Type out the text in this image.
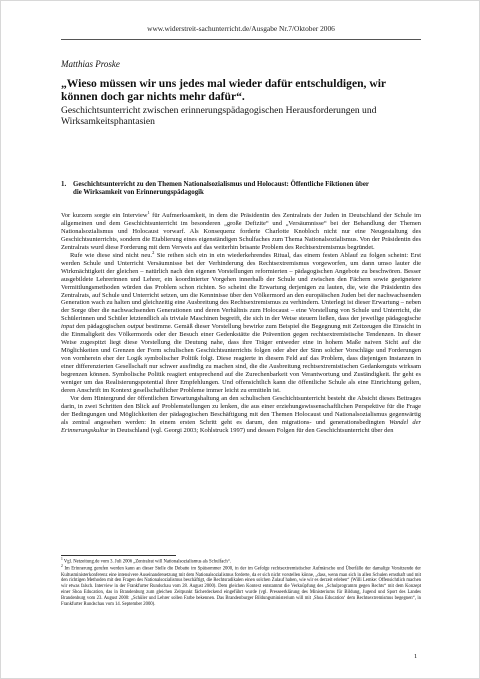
www.widerstreit-sachunterricht.de/Ausgabe Nr.7/Oktober 2006
Matthias Proske
„Wieso müssen wir uns jedes mal wieder dafür entschuldigen, wir können doch gar nichts mehr dafür“.
Geschichtsunterricht zwischen erinnerungspädagogischen Herausforderungen und Wirksamkeitsphantasien
1. Geschichtsunterricht zu den Themen Nationalsozialismus und Holocaust: Öffentliche Fiktionen über
die Wirksamkeit von Erinnerungspädagogik

Vor kurzem sorgte ein Interview$^1$ für Aufmerksamkeit, in dem die Präsidentin des Zentralrats der Juden in Deutschland der Schule im allgemeinen und dem Geschichtsunterricht im besonderen „große Defizite“ und „Versäumnisse“ bei der Behandlung der Themen Nationalsozialismus und Holocaust vorwarf. Als Konsequenz forderte Charlotte Knobloch nicht nur eine Neugestaltung des Geschichtsunterrichts, sondern die Etablierung eines eigenständigen Schulfaches zum Thema Nationalsozialismus. Von der Präsidentin des Zentralrats wurd diese Forderung mit dem Verweis auf das weiterhin brisante Problem des Rechtsextremismus begründet.

Rufe wie diese sind nicht neu.$^2$ Sie reihen sich ein in ein wiederkehrendes Ritual, das einem festen Ablauf zu folgen scheint: Erst werden Schule und Unterricht Versäumnisse bei der Verhinderung des Rechtsextremismus vorgeworfen, um dann umso lauter die Wirkmächtigkeit der gleichen – natürlich nach den eigenen Vorstellungen reformierten – pädagogischen Angebote zu beschwören. Besser ausgebildete Lehrerinnen und Lehrer, ein koordinierter Vorgehen innerhalb der Schule und zwischen den Fächern sowie geeignetere Vermittlungsmethoden würden das Problem schon richten. So scheint die Erwartung derjenigen zu lauten, die, wie die Präsidentin des Zentralrats, auf Schule und Unterricht setzen, um die Kenntnisse über den Völkermord an den europäischen Juden bei der nachwachsenden Generation wach zu halten und gleichzeitig eine Ausbreitung des Rechtsextremismus zu verhindern. Unterlegt ist dieser Erwartung – neben der Sorge über die nachwachsenden Generationen und deren Verhältnis zum Holocaust – eine Vorstellung von Schule und Unterricht, die Schülerinnen und Schüler letztendlich als triviale Maschinen begreift, die sich in der Weise steuern ließen, dass der jeweilige pädagogische input den pädagogischen output bestimme. Gemäß dieser Vorstellung bewirke zum Beispiel die Begegnung mit Zeitzeugen die Einsicht in die Einmaligkeit des Völkermords oder der Besuch einer Gedenkstätte die Prävention gegen rechtsextremistische Tendenzen. In dieser Weise zugespitzt liegt diese Vorstellung die Deutung nahe, dass ihre Träger entweder eine in hohem Maße naiven Sicht auf die Möglichkeiten und Grenzen der Form schulischen Geschichtsunterrichts folgen oder aber der Sinn solcher Vorschläge und Forderungen von vornherein eher der Logik symbolischer Politik folgt. Diese reagierte in diesem Feld auf das Problem, dass diejenigen Instanzen in einer differenzierten Gesellschaft nur schwer ausfindig zu machen sind, die die Ausbreitung rechtsextremistischen Gedankenguts wirksam begrenzen können. Symbolische Politik reagiert entsprechend auf die Zurechenbarkeit von Verantwortung und Zuständigkeit. Ihr geht es weniger um das Realisierungspotential ihrer Empfehlungen. Und offensichtlich kann die öffentliche Schule als eine Einrichtung gelten, deren Anschrift im Kontext gesellschaftlicher Probleme immer leicht zu ermitteln ist.

Vor dem Hintergrund der öffentlichen Erwartungshaltung an den schulischen Geschichtsunterricht besteht die Absicht dieses Beitrages darin, in zwei Schritten den Blick auf Problemstellungen zu lenken, die aus einer erziehungswissenschaftlichen Perspektive für die Frage der Bedingungen und Möglichkeiten der pädagogischen Beschäftigung mit den Themen Holocaust und Nationalsozialismus gegenwärtig als zentral angesehen werden: In einem ersten Schritt geht es darum, den migrations- und generationsbedingten Wandel der Erinnerungskultur in Deutschland (vgl. Georgi 2003; Kohlstruck 1997) und dessen Folgen für den Geschichtsunterricht über den

$^1$ Vgl. Netzeitung.de vom 3. Juli 2006 „Zentralrat will Nationalsozialismus als Schulfach“.

$^2$ Im Erinnerung gerufen werden kann an dieser Stelle die Debatte im Spätsommer 2000, in der im Gefolge rechtsextremistischer Aufmärsche und Überfälle der damalige Vorsitzende der Kultusministerkonferenz eine intensivere Auseinandersetzung mit dem Nationalsozialismus forderte, da er sich nicht vorstellen könne, „dass, wenn man sich in allen Schulen ernsthaft und mit den richtigen Methoden mit den Fragen des Nationalsozialismus beschäftigt, die Rechtsradikalen einen solchen Zulauf haben, wie wir es derzeit erleben“ (Willi Lemke: Offensichtlich machen wir etwas falsch. Interview in der Frankfurter Rundschau vom 28. August 2000). Dem gleichen Kontext entstammt die Verknüpfung des „Schulprogramm gegen Rechts“ mit dem Konzept einer Shoa Education, das in Brandenburg zum gleichen Zeitpunkt fächerdeckend eingeführt wurde (vgl. Presseerklärung des Ministeriums für Bildung, Jugend und Sport des Landes Brandenburg vom 23. August 2000: „Schüler und Lehrer sollen Farbe bekennen. Das Brandenburger Bildungsministerium will mit ‚Shoa Education‘ dem Rechtsextremismus begegnen“, in Frankfurter Rundschau vom 14. September 2000).

1
